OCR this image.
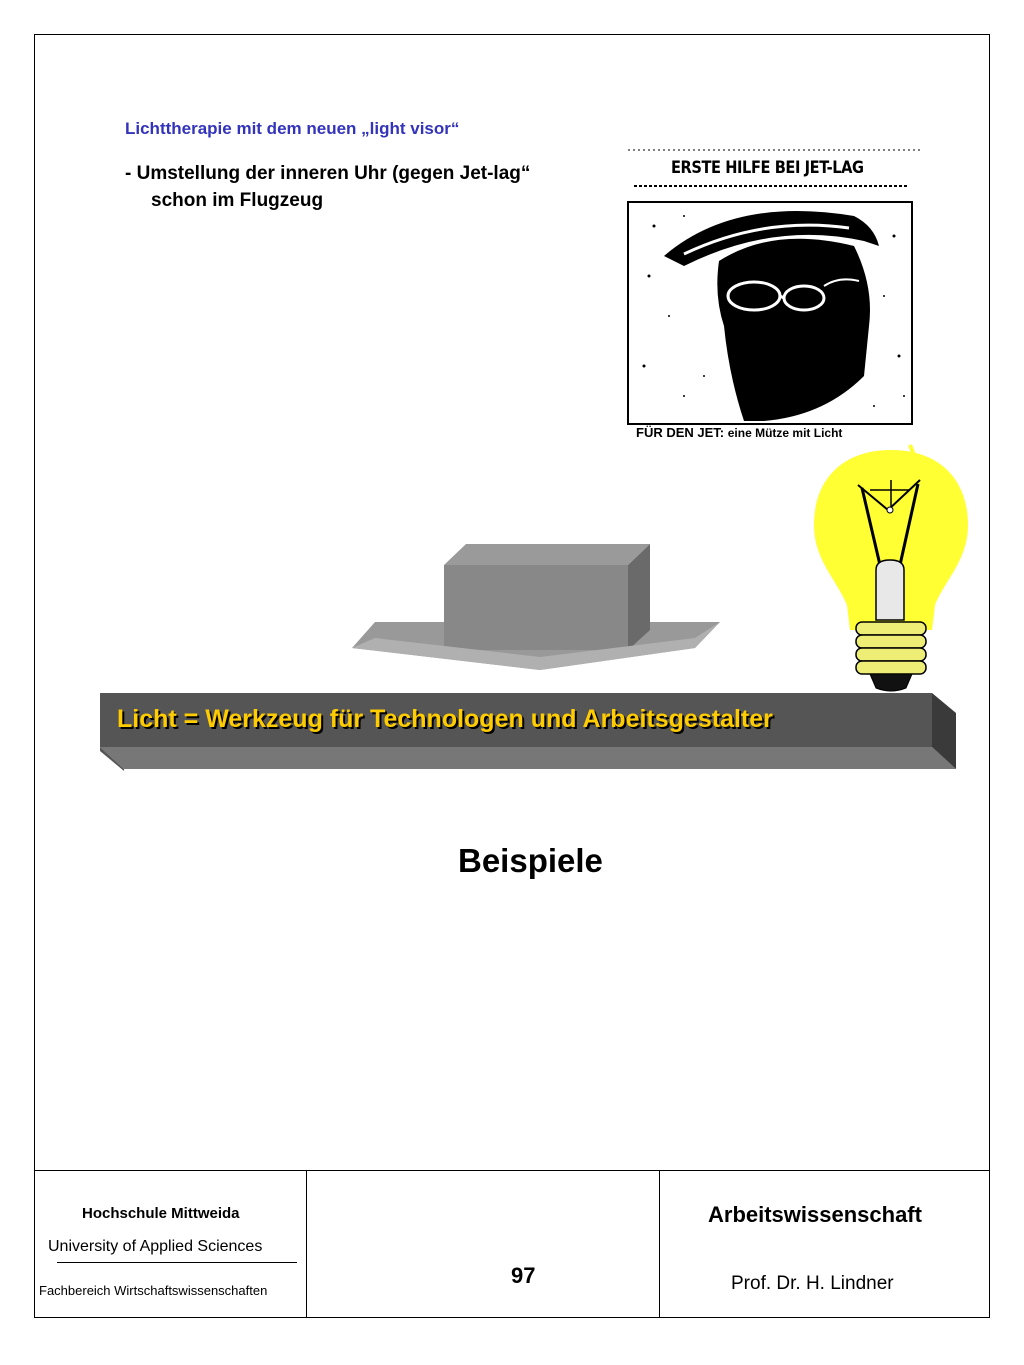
Lichttherapie mit dem neuen „light visor“
- Umstellung der inneren Uhr (gegen Jet-lag“
schon im Flugzeug
ERSTE HILFE BEI JET-LAG
FÜR DEN JET: eine Mütze mit Licht
Licht = Werkzeug für Technologen und Arbeitsgestalter
Beispiele
Hochschule Mittweida
University of Applied Sciences
Fachbereich Wirtschaftswissenschaften
97
Arbeitswissenschaft
Prof. Dr. H. Lindner
